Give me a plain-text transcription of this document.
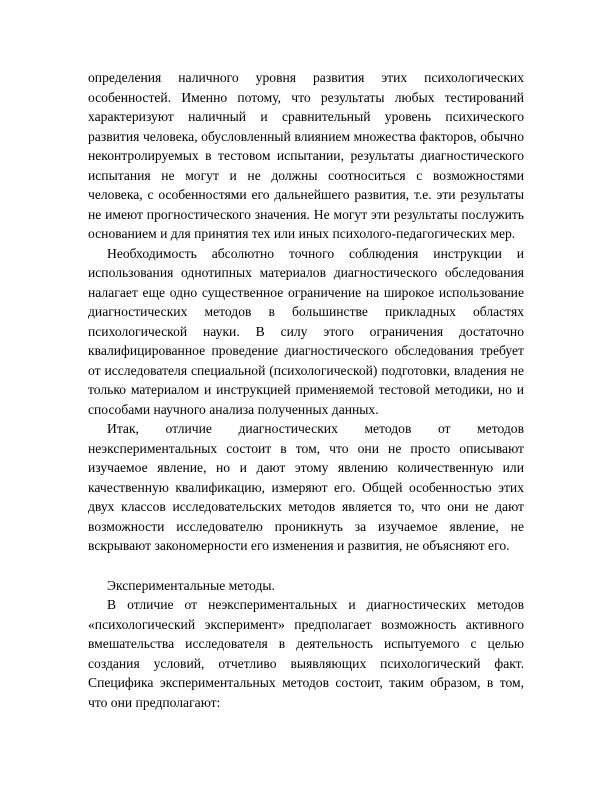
определения наличного уровня развития этих психологических особенностей. Именно потому, что результаты любых тестирований характеризуют наличный и сравнительный уровень психического развития человека, обусловленный влиянием множества факторов, обычно неконтролируемых в тестовом испытании, результаты диагностического испытания не могут и не должны соотноситься с возможностями человека, с особенностями его дальнейшего развития, т.е. эти результаты не имеют прогностического значения. Не могут эти результаты послужить основанием и для принятия тех или иных психолого-педагогических мер.

Необходимость абсолютно точного соблюдения инструкции и использования однотипных материалов диагностического обследования налагает еще одно существенное ограничение на широкое использование диагностических методов в большинстве прикладных областях психологической науки. В силу этого ограничения достаточно квалифицированное проведение диагностического обследования требует от исследователя специальной (психологической) подготовки, владения не только материалом и инструкцией применяемой тестовой методики, но и способами научного анализа полученных данных.

Итак, отличие диагностических методов от методов неэкспериментальных состоит в том, что они не просто описывают изучаемое явление, но и дают этому явлению количественную или качественную квалификацию, измеряют его. Общей особенностью этих двух классов исследовательских методов является то, что они не дают возможности исследователю проникнуть за изучаемое явление, не вскрывают закономерности его изменения и развития, не объясняют его.

Экспериментальные методы.

В отличие от неэкспериментальных и диагностических методов «психологический эксперимент» предполагает возможность активного вмешательства исследователя в деятельность испытуемого с целью создания условий, отчетливо выявляющих психологический факт. Специфика экспериментальных методов состоит, таким образом, в том, что они предполагают:
